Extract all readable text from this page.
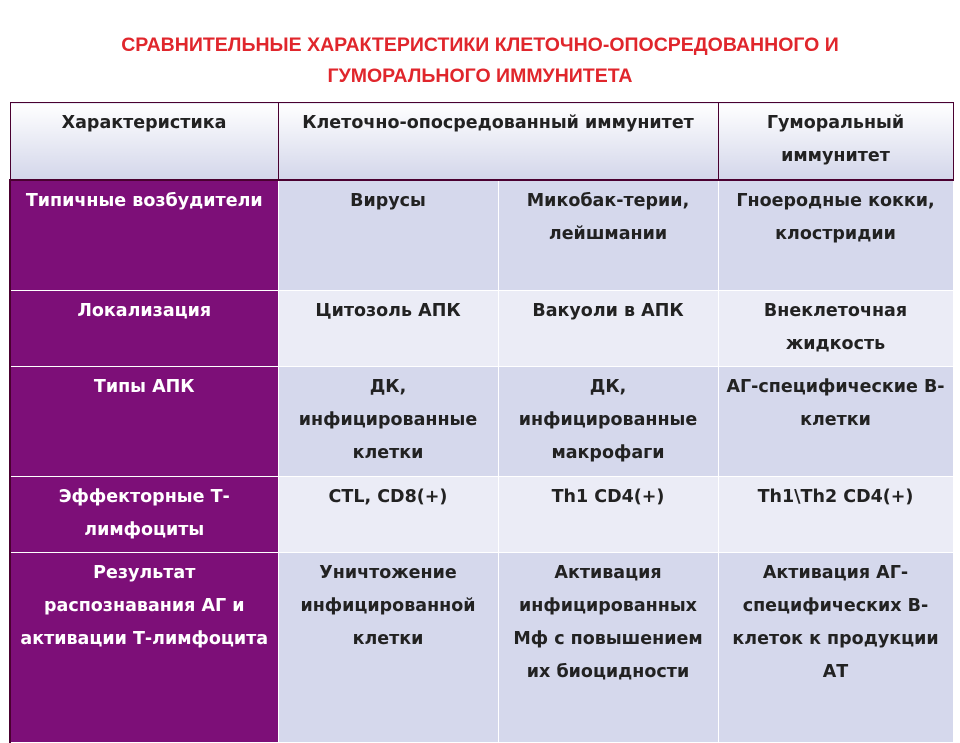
СРАВНИТЕЛЬНЫЕ ХАРАКТЕРИСТИКИ КЛЕТОЧНО-ОПОСРЕДОВАННОГО И
ГУМОРАЛЬНОГО ИММУНИТЕТА
Характеристика	Клеточно-опосредованный иммунитет		Гуморальный иммунитет
Типичные возбудители	Вирусы	Микобак-терии, лейшмании	Гноеродные кокки, клостридии
Локализация	Цитозоль АПК	Вакуоли в АПК	Внеклеточная жидкость
Типы АПК	ДК, инфицированные клетки	ДК, инфицированные макрофаги	АГ-специфические В-клетки
Эффекторные Т-лимфоциты	CTL, CD8(+)	Th1 CD4(+)	Th1\Th2 CD4(+)
Результат распознавания АГ и активации Т-лимфоцита	Уничтожение инфицированной клетки	Активация инфицированных Мф с повышением их биоцидности	Активация АГ-специфических В-клеток к продукции АТ
